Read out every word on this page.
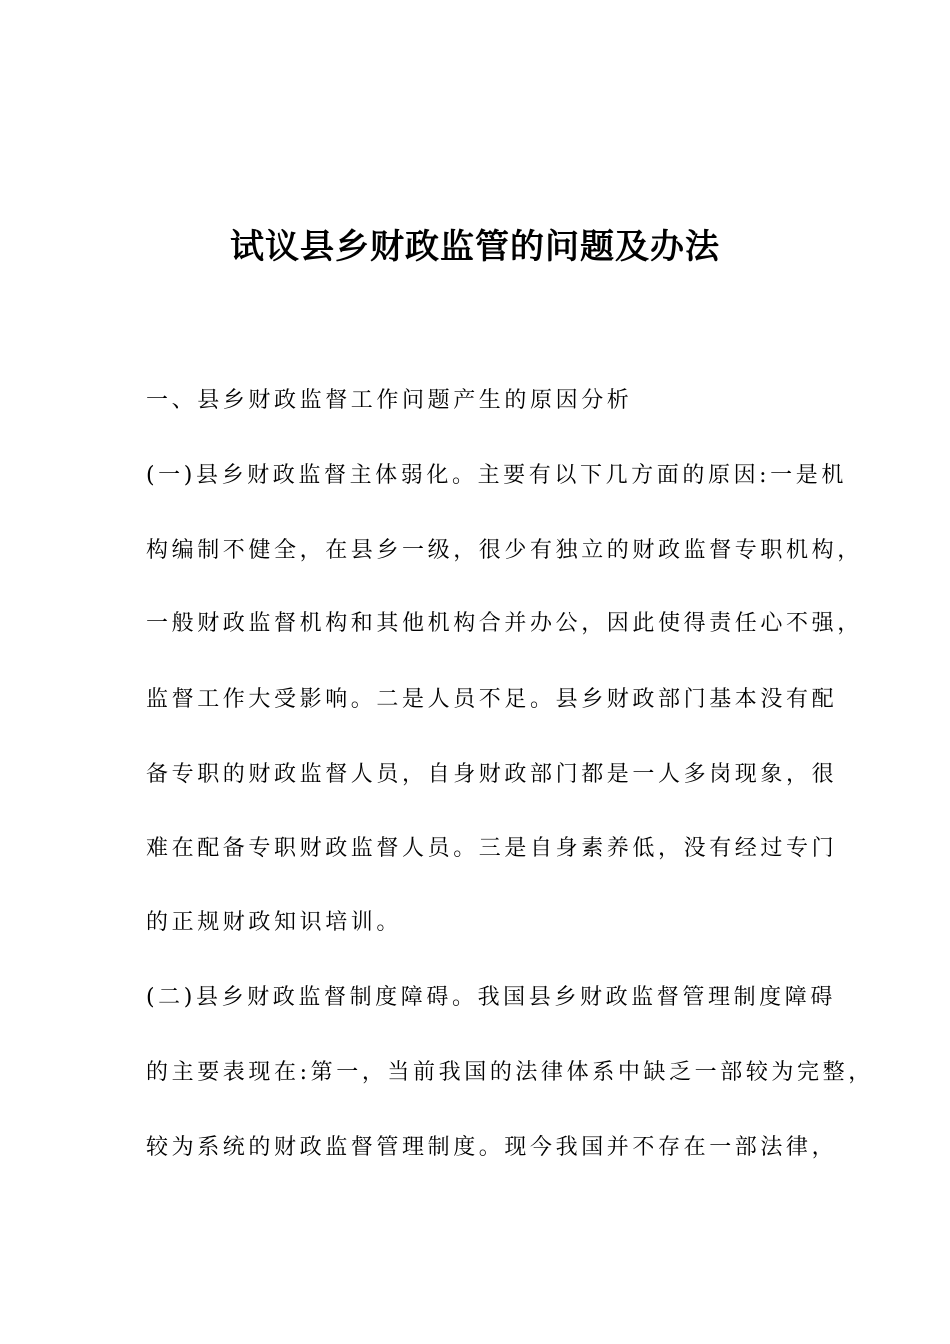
试议县乡财政监管的问题及办法

一、县乡财政监督工作问题产生的原因分析

(一)县乡财政监督主体弱化。主要有以下几方面的原因:一是机

构编制不健全，在县乡一级，很少有独立的财政监督专职机构，

一般财政监督机构和其他机构合并办公，因此使得责任心不强，

监督工作大受影响。二是人员不足。县乡财政部门基本没有配

备专职的财政监督人员，自身财政部门都是一人多岗现象，很

难在配备专职财政监督人员。三是自身素养低，没有经过专门

的正规财政知识培训。

(二)县乡财政监督制度障碍。我国县乡财政监督管理制度障碍

的主要表现在:第一，当前我国的法律体系中缺乏一部较为完整，

较为系统的财政监督管理制度。现今我国并不存在一部法律，
